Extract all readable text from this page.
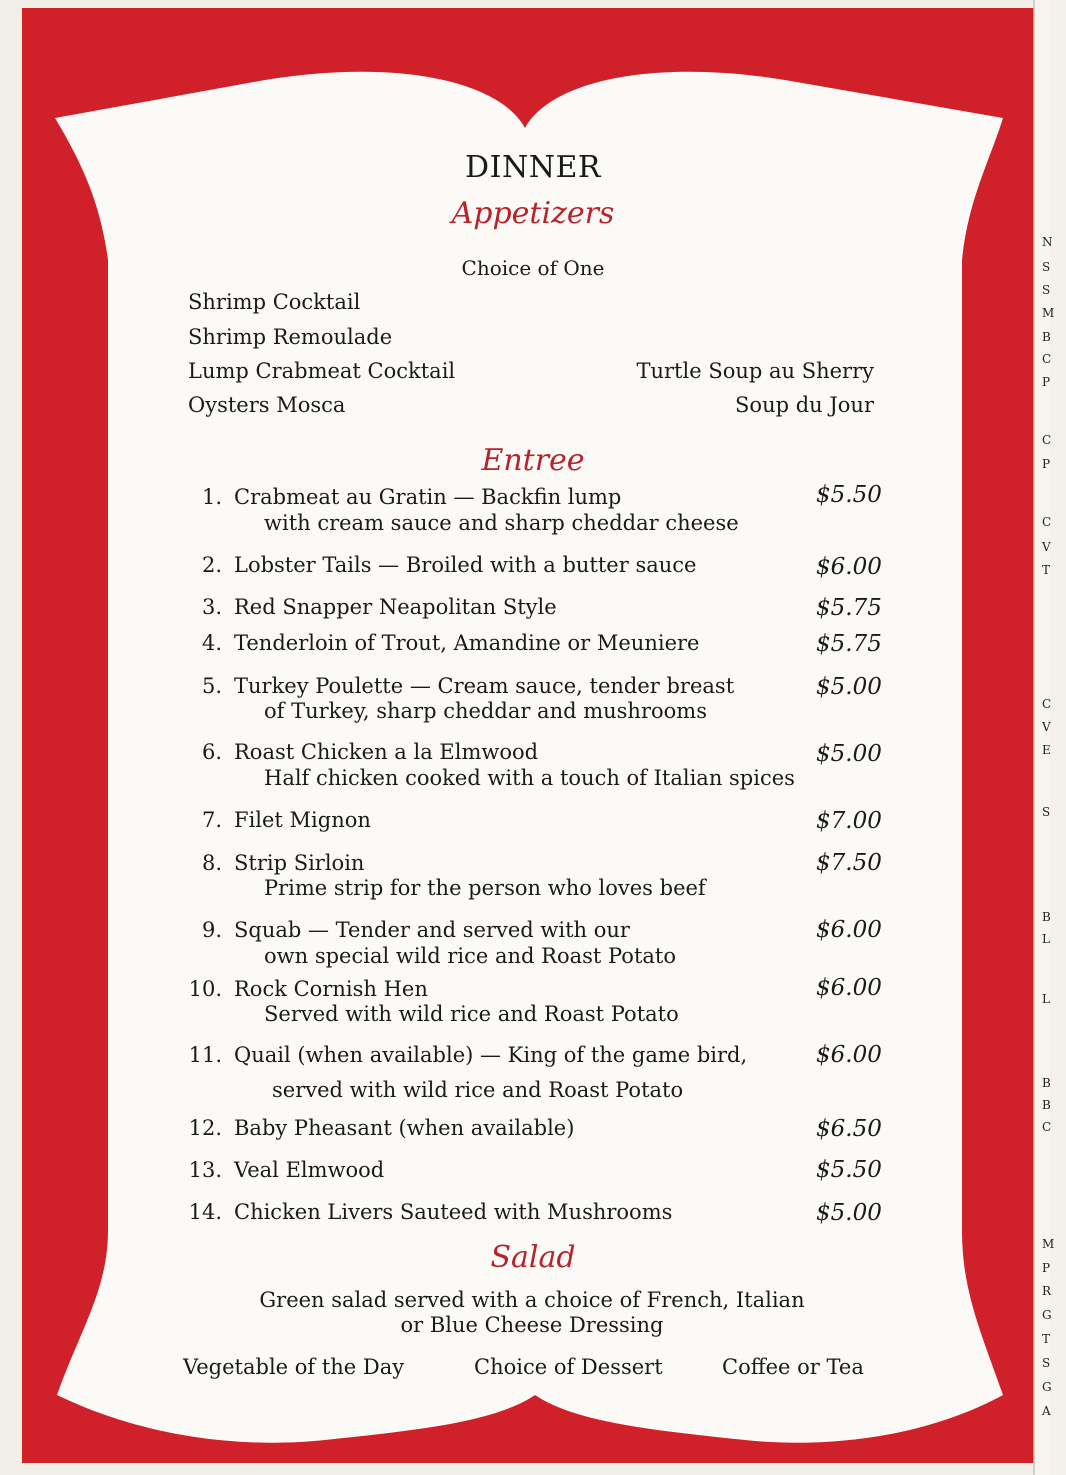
DINNER
Appetizers
Choice of One
Shrimp Cocktail
Shrimp Remoulade
Lump Crabmeat Cocktail
Oysters Mosca
Turtle Soup au Sherry
Soup du Jour
Entree
1. Crabmeat au Gratin — Backfin lump
with cream sauce and sharp cheddar cheese
$5.50
2. Lobster Tails — Broiled with a butter sauce	$6.00
3. Red Snapper Neapolitan Style	$5.75
4. Tenderloin of Trout, Amandine or Meuniere	$5.75
5. Turkey Poulette — Cream sauce, tender breast
of Turkey, sharp cheddar and mushrooms
$5.00
6. Roast Chicken a la Elmwood
Half chicken cooked with a touch of Italian spices
$5.00
7. Filet Mignon	$7.00
8. Strip Sirloin
Prime strip for the person who loves beef
$7.50
9. Squab — Tender and served with our
own special wild rice and Roast Potato
$6.00
10. Rock Cornish Hen
Served with wild rice and Roast Potato
$6.00
11. Quail (when available) — King of the game bird,
served with wild rice and Roast Potato
$6.00
12. Baby Pheasant (when available)	$6.50
13. Veal Elmwood	$5.50
14. Chicken Livers Sauteed with Mushrooms	$5.00
Salad
Green salad served with a choice of French, Italian
or Blue Cheese Dressing
Vegetable of the Day	Choice of Dessert	Coffee or Tea
N
S
S
M
B
C
P
C
P
C
V
T
C
V
E
S
B
L
L
B
B
C
M
P
R
G
T
S
G
A
